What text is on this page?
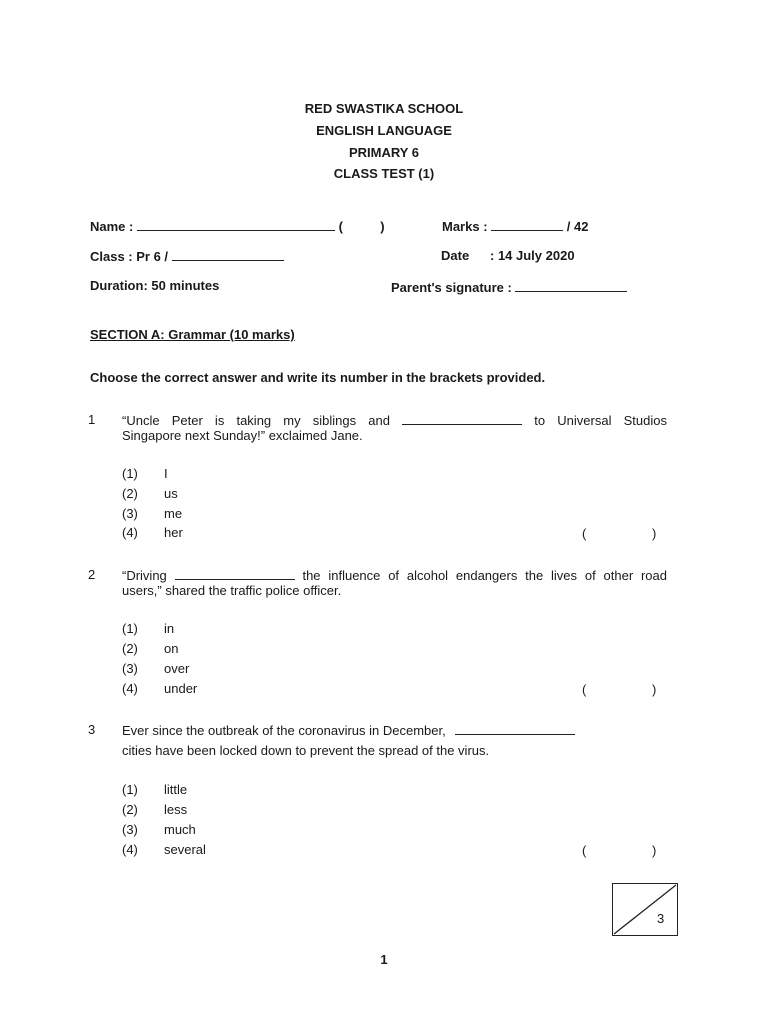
RED SWASTIKA SCHOOL
ENGLISH LANGUAGE
PRIMARY 6
CLASS TEST (1)
Name :	(	)	Marks :	/ 42
Class : Pr 6 /	Date : 14 July 2020
Duration: 50 minutes	Parent's signature :
SECTION A: Grammar (10 marks)
Choose the correct answer and write its number in the brackets provided.
1 “Uncle Peter is taking my siblings and	to Universal Studios
Singapore next Sunday!” exclaimed Jane.
(1) I
(2) us
(3) me
(4) her	(	)
2 “Driving	the influence of alcohol endangers the lives of other road
users,” shared the traffic police officer.
(1) in
(2) on
(3) over
(4) under	(	)
3 Ever since the outbreak of the coronavirus in December,
cities have been locked down to prevent the spread of the virus.
(1) little
(2) less
(3) much
(4) several	(	)
3
1
